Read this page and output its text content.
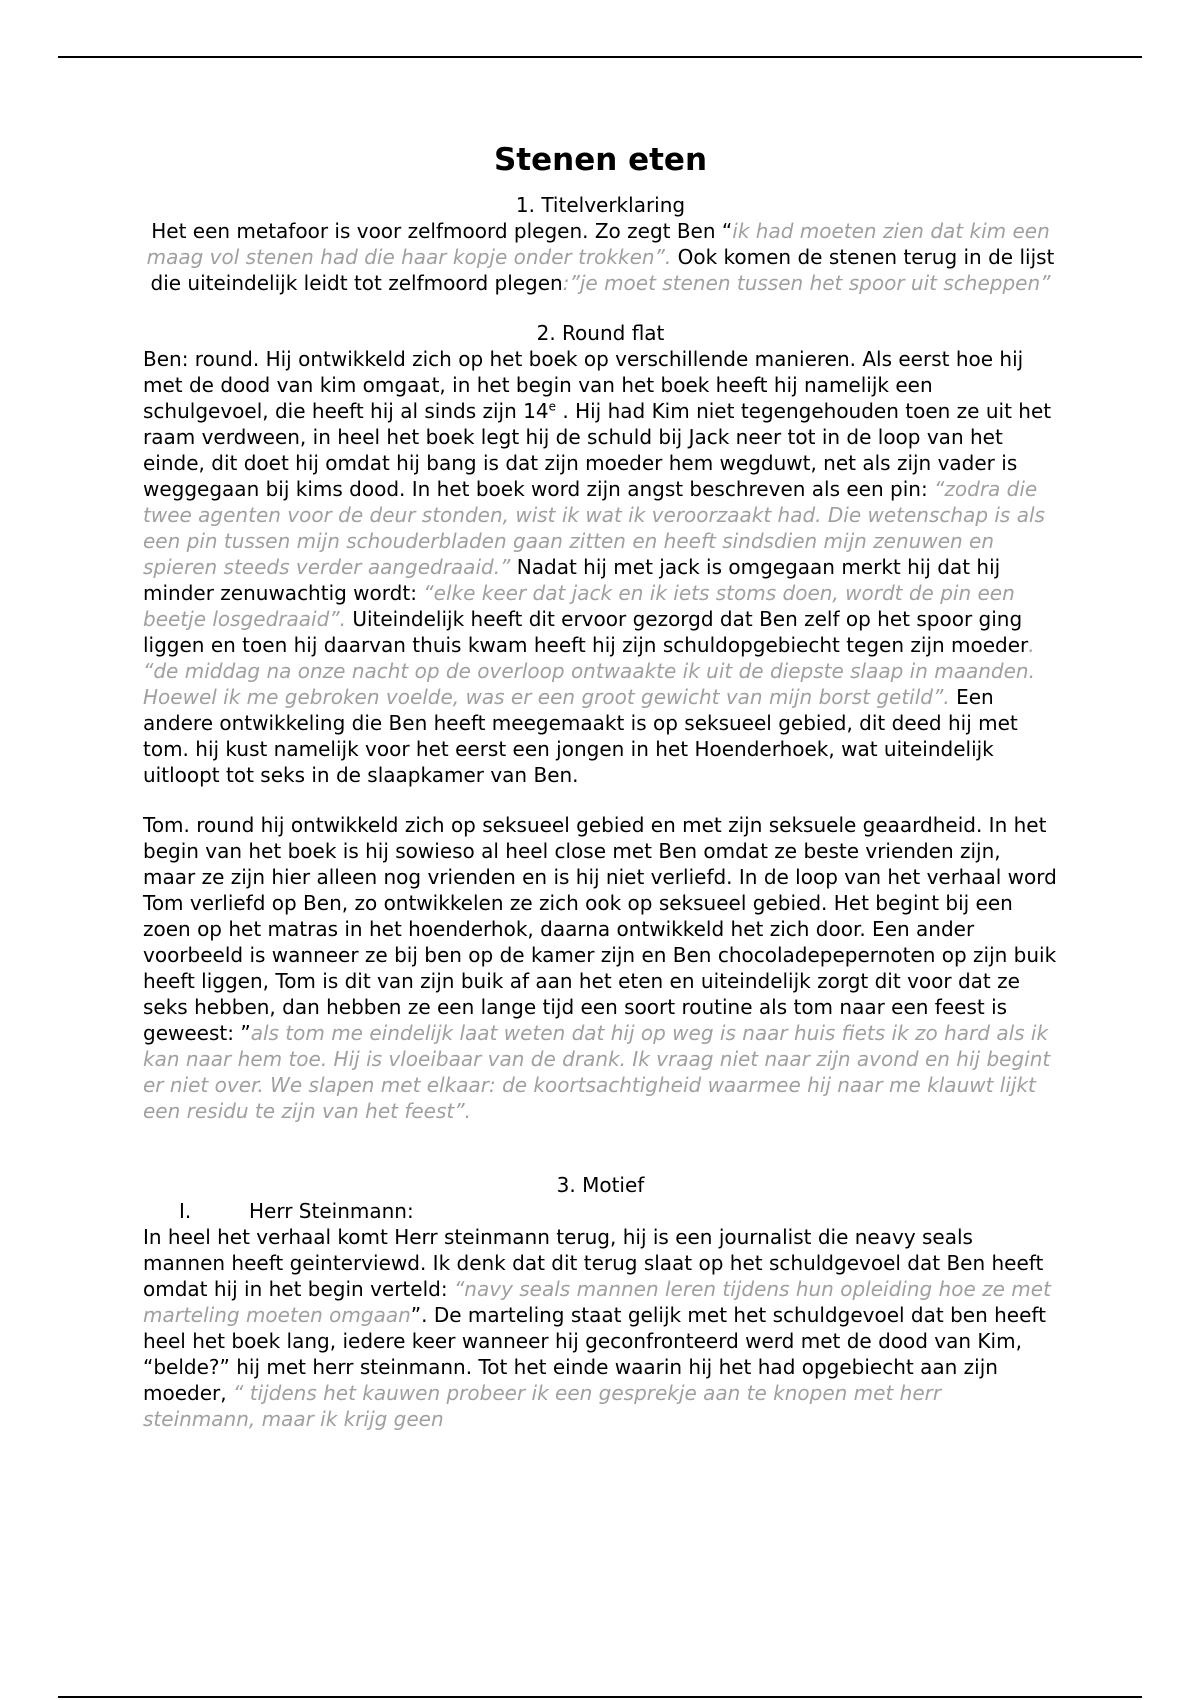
Stenen eten
1. Titelverklaring

Het een metafoor is voor zelfmoord plegen. Zo zegt Ben “ik had moeten zien dat kim een maag vol stenen had die haar kopje onder trokken”. Ook komen de stenen terug in de lijst die uiteindelijk leidt tot zelfmoord plegen:”je moet stenen tussen het spoor uit scheppen”

2. Round flat

Ben: round. Hij ontwikkeld zich op het boek op verschillende manieren. Als eerst hoe hij met de dood van kim omgaat, in het begin van het boek heeft hij namelijk een schulgevoel, die heeft hij al sinds zijn 14e . Hij had Kim niet tegengehouden toen ze uit het raam verdween, in heel het boek legt hij de schuld bij Jack neer tot in de loop van het einde, dit doet hij omdat hij bang is dat zijn moeder hem wegduwt, net als zijn vader is weggegaan bij kims dood. In het boek word zijn angst beschreven als een pin: “zodra die twee agenten voor de deur stonden, wist ik wat ik veroorzaakt had. Die wetenschap is als een pin tussen mijn schouderbladen gaan zitten en heeft sindsdien mijn zenuwen en spieren steeds verder aangedraaid.” Nadat hij met jack is omgegaan merkt hij dat hij minder zenuwachtig wordt: “elke keer dat jack en ik iets stoms doen, wordt de pin een beetje losgedraaid”. Uiteindelijk heeft dit ervoor gezorgd dat Ben zelf op het spoor ging liggen en toen hij daarvan thuis kwam heeft hij zijn schuldopgebiecht tegen zijn moeder. “de middag na onze nacht op de overloop ontwaakte ik uit de diepste slaap in maanden. Hoewel ik me gebroken voelde, was er een groot gewicht van mijn borst getild”. Een andere ontwikkeling die Ben heeft meegemaakt is op seksueel gebied, dit deed hij met tom. hij kust namelijk voor het eerst een jongen in het Hoenderhoek, wat uiteindelijk uitloopt tot seks in de slaapkamer van Ben.

Tom. round hij ontwikkeld zich op seksueel gebied en met zijn seksuele geaardheid. In het begin van het boek is hij sowieso al heel close met Ben omdat ze beste vrienden zijn, maar ze zijn hier alleen nog vrienden en is hij niet verliefd. In de loop van het verhaal word Tom verliefd op Ben, zo ontwikkelen ze zich ook op seksueel gebied. Het begint bij een zoen op het matras in het hoenderhok, daarna ontwikkeld het zich door. Een ander voorbeeld is wanneer ze bij ben op de kamer zijn en Ben chocoladepepernoten op zijn buik heeft liggen, Tom is dit van zijn buik af aan het eten en uiteindelijk zorgt dit voor dat ze seks hebben, dan hebben ze een lange tijd een soort routine als tom naar een feest is geweest: ”als tom me eindelijk laat weten dat hij op weg is naar huis fiets ik zo hard als ik kan naar hem toe. Hij is vloeibaar van de drank. Ik vraag niet naar zijn avond en hij begint er niet over. We slapen met elkaar: de koortsachtigheid waarmee hij naar me klauwt lijkt een residu te zijn van het feest”.

3. Motief
I.	Herr Steinmann:

In heel het verhaal komt Herr steinmann terug, hij is een journalist die neavy seals mannen heeft geinterviewd. Ik denk dat dit terug slaat op het schuldgevoel dat Ben heeft omdat hij in het begin verteld: “navy seals mannen leren tijdens hun opleiding hoe ze met marteling moeten omgaan”. De marteling staat gelijk met het schuldgevoel dat ben heeft heel het boek lang, iedere keer wanneer hij geconfronteerd werd met de dood van Kim, “belde?” hij met herr steinmann. Tot het einde waarin hij het had opgebiecht aan zijn moeder, “ tijdens het kauwen probeer ik een gesprekje aan te knopen met herr steinmann, maar ik krijg geen
